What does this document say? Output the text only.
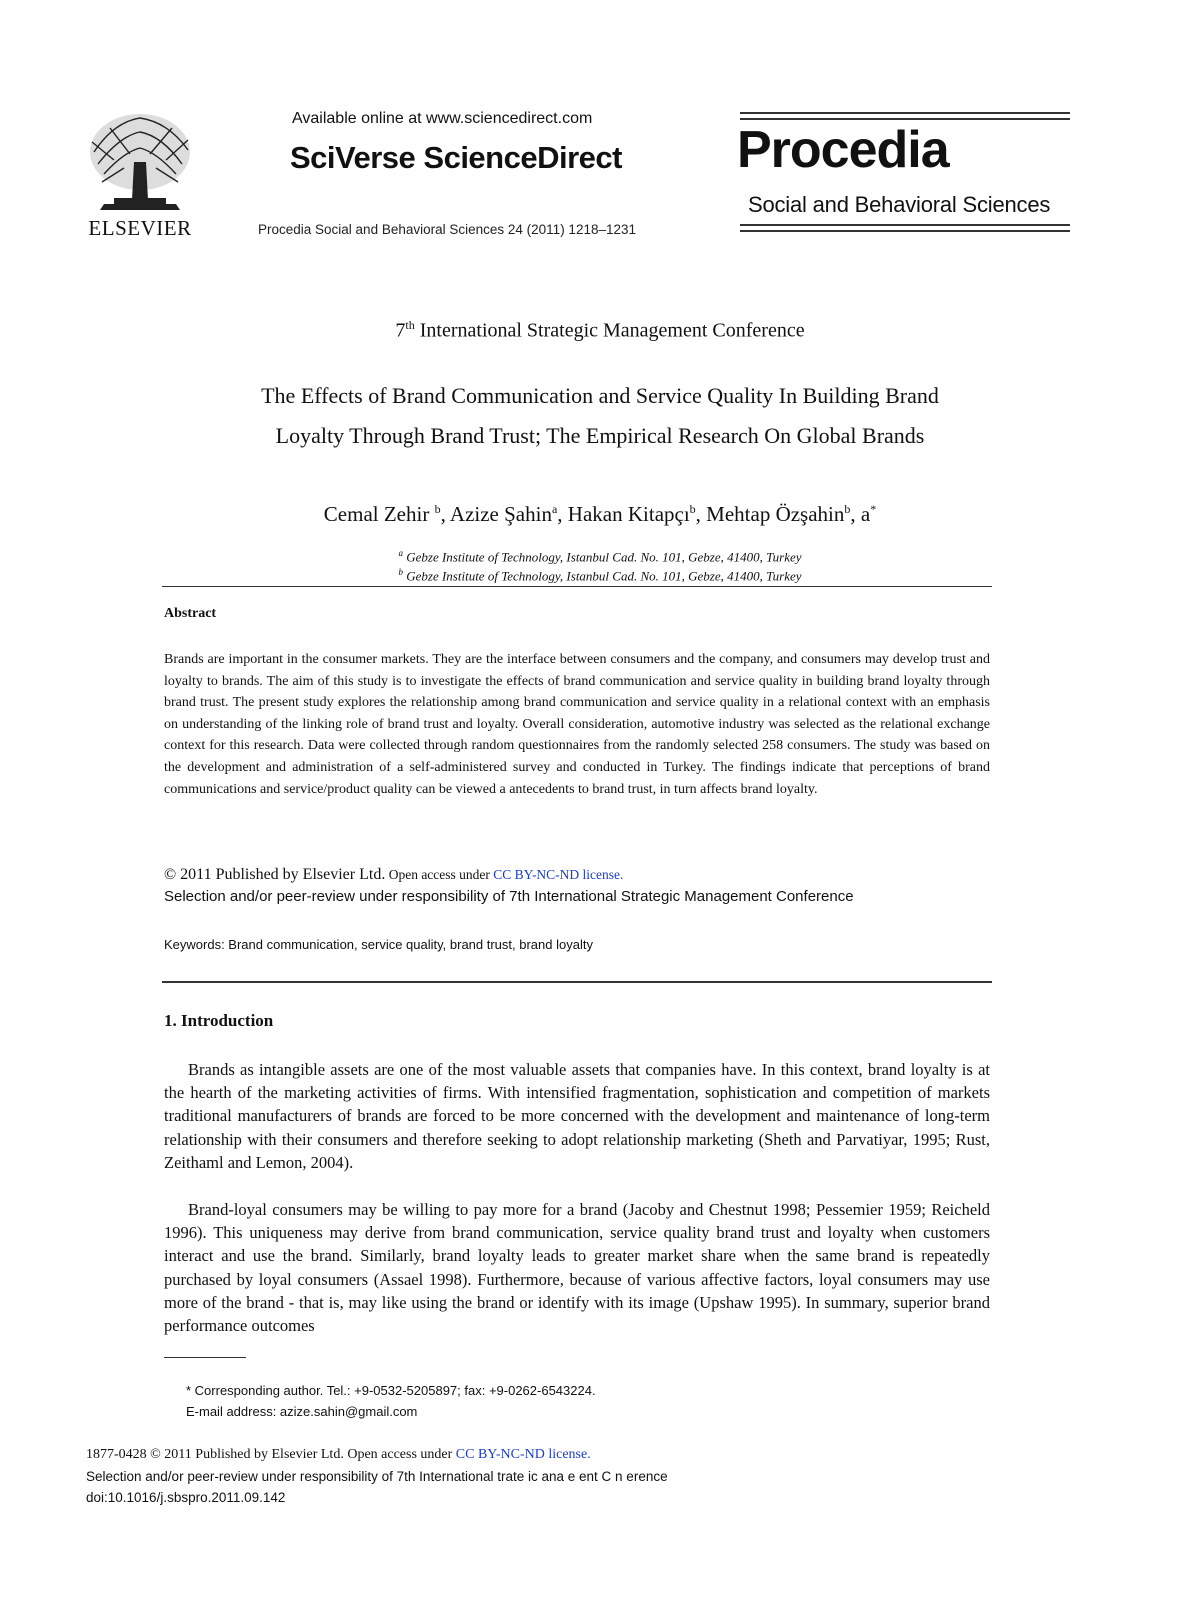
ELSEVIER
Available online at www.sciencedirect.com
SciVerse ScienceDirect
Procedia Social and Behavioral Sciences 24 (2011) 1218–1231
Procedia
Social and Behavioral Sciences
7th International Strategic Management Conference
The Effects of Brand Communication and Service Quality In Building Brand
Loyalty Through Brand Trust; The Empirical Research On Global Brands
Cemal Zehir $^b$, Azize Şahin$^a$, Hakan Kitapçı$^b$, Mehtap Özşahin$^b$, a*
$^a$ Gebze Institute of Technology, Istanbul Cad. No. 101, Gebze, 41400, Turkey
$^b$ Gebze Institute of Technology, Istanbul Cad. No. 101, Gebze, 41400, Turkey
Abstract
Brands are important in the consumer markets. They are the interface between consumers and the company, and consumers may develop trust and loyalty to brands. The aim of this study is to investigate the effects of brand communication and service quality in building brand loyalty through brand trust. The present study explores the relationship among brand communication and service quality in a relational context with an emphasis on understanding of the linking role of brand trust and loyalty. Overall consideration, automotive industry was selected as the relational exchange context for this research. Data were collected through random questionnaires from the randomly selected 258 consumers. The study was based on the development and administration of a self-administered survey and conducted in Turkey. The findings indicate that perceptions of brand communications and service/product quality can be viewed a antecedents to brand trust, in turn affects brand loyalty.
© 2011 Published by Elsevier Ltd. Open access under CC BY-NC-ND license.
Selection and/or peer-review under responsibility of 7th International Strategic Management Conference
Keywords: Brand communication, service quality, brand trust, brand loyalty
1. Introduction
Brands as intangible assets are one of the most valuable assets that companies have. In this context, brand loyalty is at the hearth of the marketing activities of firms. With intensified fragmentation, sophistication and competition of markets traditional manufacturers of brands are forced to be more concerned with the development and maintenance of long-term relationship with their consumers and therefore seeking to adopt relationship marketing (Sheth and Parvatiyar, 1995; Rust, Zeithaml and Lemon, 2004).
Brand-loyal consumers may be willing to pay more for a brand (Jacoby and Chestnut 1998; Pessemier 1959; Reicheld 1996). This uniqueness may derive from brand communication, service quality brand trust and loyalty when customers interact and use the brand. Similarly, brand loyalty leads to greater market share when the same brand is repeatedly purchased by loyal consumers (Assael 1998). Furthermore, because of various affective factors, loyal consumers may use more of the brand - that is, may like using the brand or identify with its image (Upshaw 1995). In summary, superior brand performance outcomes
* Corresponding author. Tel.: +9-0532-5205897; fax: +9-0262-6543224.
E-mail address: azize.sahin@gmail.com
1877-0428 © 2011 Published by Elsevier Ltd. Open access under CC BY-NC-ND license.
Selection and/or peer-review under responsibility of 7th International trate ic ana e ent C n erence
doi:10.1016/j.sbspro.2011.09.142
